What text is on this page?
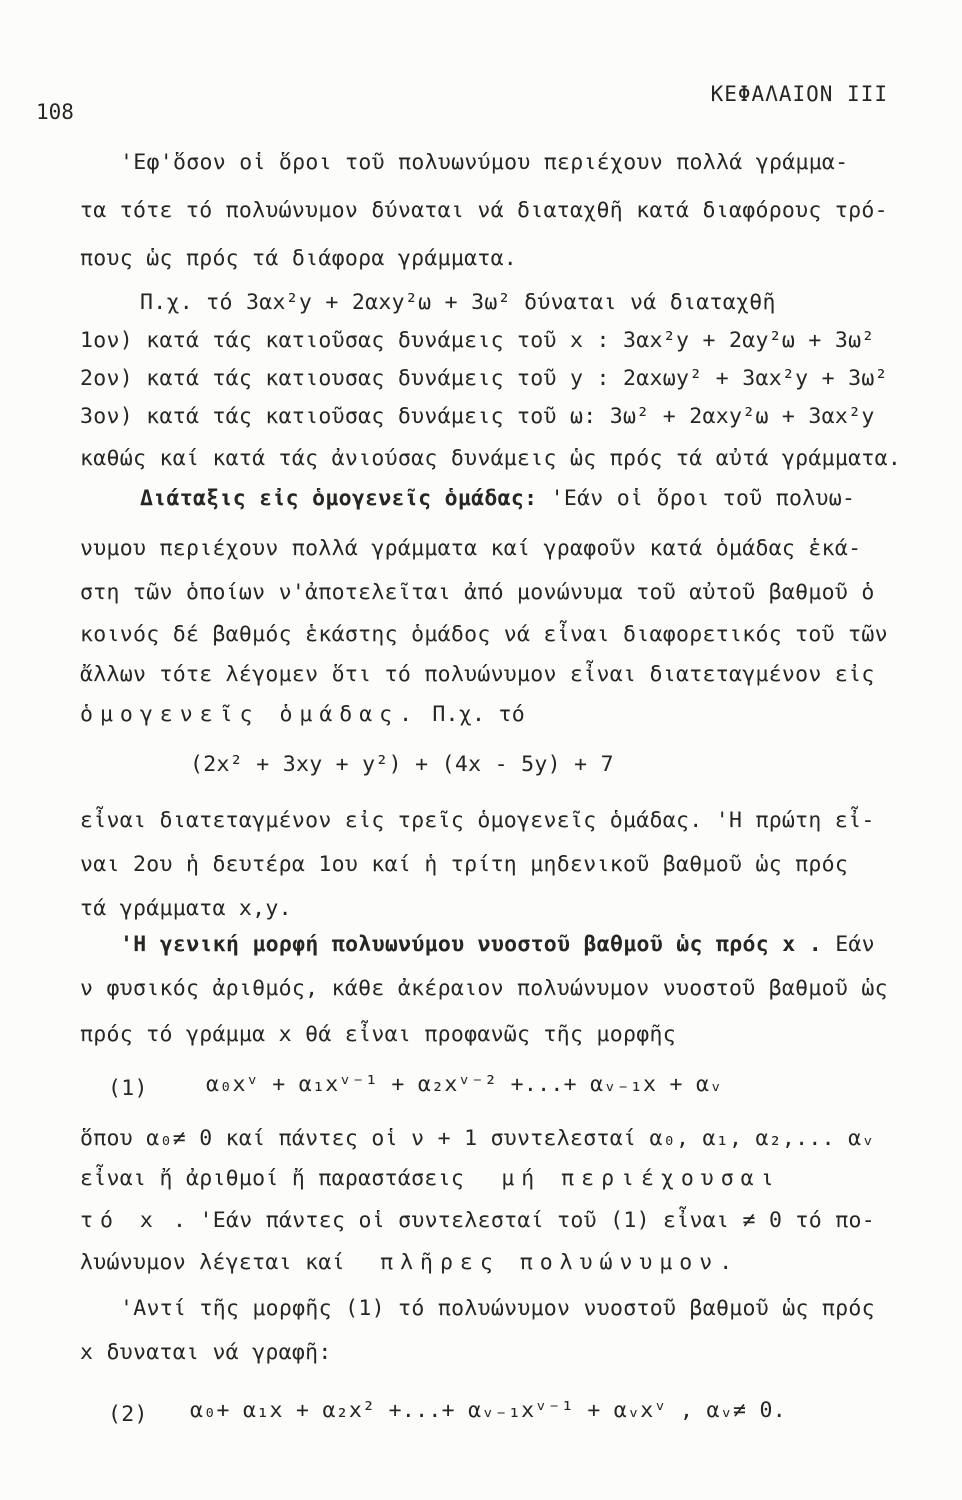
108
ΚΕΦΑΛΑΙΟΝ III
'Εφ'ὅσον οἱ ὅροι τοῦ πολυωνύμου περιέχουν πολλά γράμμα-
τα τότε τό πολυώνυμον δύναται νά διαταχθῆ κατά διαφόρους τρό-
πους ὡς πρός τά διάφορα γράμματα.
Π.χ. τό 3αx²y + 2αxy²ω + 3ω² δύναται νά διαταχθῆ
1ον) κατά τάς κατιοῦσας δυνάμεις τοῦ x : 3αx²y + 2αy²ω + 3ω²
2ον) κατά τάς κατιουσας δυνάμεις τοῦ y : 2αxωy² + 3αx²y + 3ω²
3ον) κατά τάς κατιοῦσας δυνάμεις τοῦ ω: 3ω² + 2αxy²ω + 3αx²y
καθώς καί κατά τάς ἀνιούσας δυνάμεις ὡς πρός τά αὐτά γράμματα.
Διάταξις εἰς ὁμογενεῖς ὁμάδας: 'Εάν οἱ ὅροι τοῦ πολυω-
νυμου περιέχουν πολλά γράμματα καί γραφοῦν κατά ὁμάδας ἑκά-
στη τῶν ὁποίων ν'ἀποτελεῖται ἀπό μονώνυμα τοῦ αὐτοῦ βαθμοῦ ὁ
κοινός δέ βαθμός ἑκάστης ὁμάδος νά εἶναι διαφορετικός τοῦ τῶν
ἄλλων τότε λέγομεν ὅτι τό πολυώνυμον εἶναι διατεταγμένον εἰς
ὁμογενεῖς ὁμάδας. Π.χ. τό
(2x² + 3xy + y²) + (4x - 5y) + 7
εἶναι διατεταγμένον εἰς τρεῖς ὁμογενεῖς ὁμάδας. 'Η πρώτη εἶ-
ναι 2ου ἡ δευτέρα 1ου καί ἡ τρίτη μηδενικοῦ βαθμοῦ ὡς πρός
τά γράμματα x,y.
'Η γενική μορφή πολυωνύμου νυοστοῦ βαθμοῦ ὡς πρός x . Εάν
ν φυσικός ἀριθμός, κάθε ἀκέραιον πολυώνυμον νυοστοῦ βαθμοῦ ὡς
πρός τό γράμμα x θά εἶναι προφανῶς τῆς μορφῆς
(1)	α₀xᵛ + α₁xᵛ⁻¹ + α₂xᵛ⁻² +...+ αᵥ₋₁x + αᵥ
ὅπου α₀≠ 0 καί πάντες οἱ ν + 1 συντελεσταί α₀, α₁, α₂,... αᵥ
εἶναι ἤ ἀριθμοί ἤ παραστάσεις μή περιέχουσαι
τό x . 'Εάν πάντες οἱ συντελεσταί τοῦ (1) εἶναι ≠ 0 τό πο-
λυώνυμον λέγεται καί πλῆρες πολυώνυμον.
'Αντί τῆς μορφῆς (1) τό πολυώνυμον νυοστοῦ βαθμοῦ ὡς πρός
x δυναται νά γραφῆ:
(2) α₀+ α₁x + α₂x² +...+ αᵥ₋₁xᵛ⁻¹ + αᵥxᵛ , αᵥ≠ 0.
